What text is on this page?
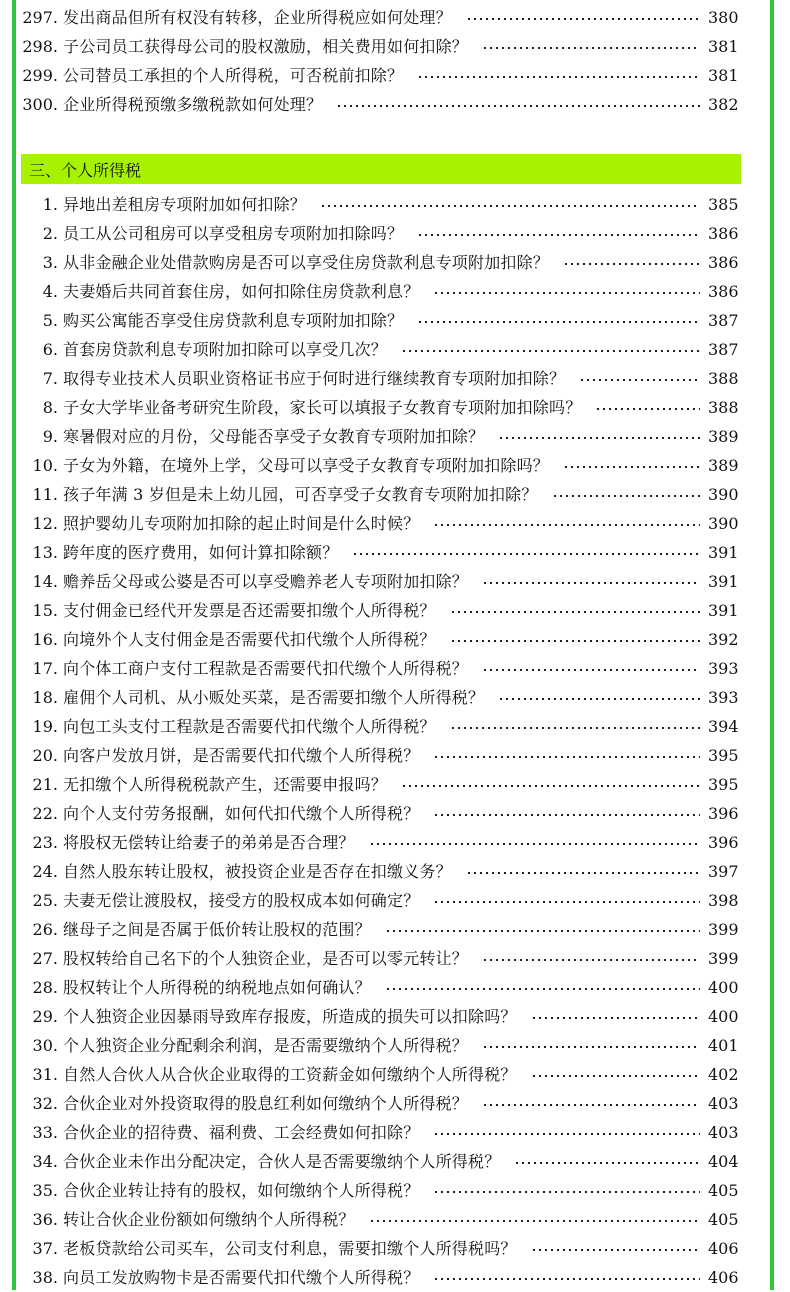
297. 发出商品但所有权没有转移，企业所得税应如何处理？	380
298. 子公司员工获得母公司的股权激励，相关费用如何扣除？	381
299. 公司替员工承担的个人所得税，可否税前扣除？	381
300. 企业所得税预缴多缴税款如何处理？	382
三、个人所得税
1. 异地出差租房专项附加如何扣除？	385
2. 员工从公司租房可以享受租房专项附加扣除吗？	386
3. 从非金融企业处借款购房是否可以享受住房贷款利息专项附加扣除？	386
4. 夫妻婚后共同首套住房，如何扣除住房贷款利息？	386
5. 购买公寓能否享受住房贷款利息专项附加扣除？	387
6. 首套房贷款利息专项附加扣除可以享受几次？	387
7. 取得专业技术人员职业资格证书应于何时进行继续教育专项附加扣除？	388
8. 子女大学毕业备考研究生阶段，家长可以填报子女教育专项附加扣除吗？	388
9. 寒暑假对应的月份，父母能否享受子女教育专项附加扣除？	389
10. 子女为外籍，在境外上学，父母可以享受子女教育专项附加扣除吗？	389
11. 孩子年满 3 岁但是未上幼儿园，可否享受子女教育专项附加扣除？	390
12. 照护婴幼儿专项附加扣除的起止时间是什么时候？	390
13. 跨年度的医疗费用，如何计算扣除额？	391
14. 赡养岳父母或公婆是否可以享受赡养老人专项附加扣除？	391
15. 支付佣金已经代开发票是否还需要扣缴个人所得税？	391
16. 向境外个人支付佣金是否需要代扣代缴个人所得税？	392
17. 向个体工商户支付工程款是否需要代扣代缴个人所得税？	393
18. 雇佣个人司机、从小贩处买菜，是否需要扣缴个人所得税？	393
19. 向包工头支付工程款是否需要代扣代缴个人所得税？	394
20. 向客户发放月饼，是否需要代扣代缴个人所得税？	395
21. 无扣缴个人所得税税款产生，还需要申报吗？	395
22. 向个人支付劳务报酬，如何代扣代缴个人所得税？	396
23. 将股权无偿转让给妻子的弟弟是否合理？	396
24. 自然人股东转让股权，被投资企业是否存在扣缴义务？	397
25. 夫妻无偿让渡股权，接受方的股权成本如何确定？	398
26. 继母子之间是否属于低价转让股权的范围？	399
27. 股权转给自己名下的个人独资企业，是否可以零元转让？	399
28. 股权转让个人所得税的纳税地点如何确认？	400
29. 个人独资企业因暴雨导致库存报废，所造成的损失可以扣除吗？	400
30. 个人独资企业分配剩余利润，是否需要缴纳个人所得税？	401
31. 自然人合伙人从合伙企业取得的工资薪金如何缴纳个人所得税？	402
32. 合伙企业对外投资取得的股息红利如何缴纳个人所得税？	403
33. 合伙企业的招待费、福利费、工会经费如何扣除？	403
34. 合伙企业未作出分配决定，合伙人是否需要缴纳个人所得税？	404
35. 合伙企业转让持有的股权，如何缴纳个人所得税？	405
36. 转让合伙企业份额如何缴纳个人所得税？	405
37. 老板贷款给公司买车，公司支付利息，需要扣缴个人所得税吗？	406
38. 向员工发放购物卡是否需要代扣代缴个人所得税？	406
